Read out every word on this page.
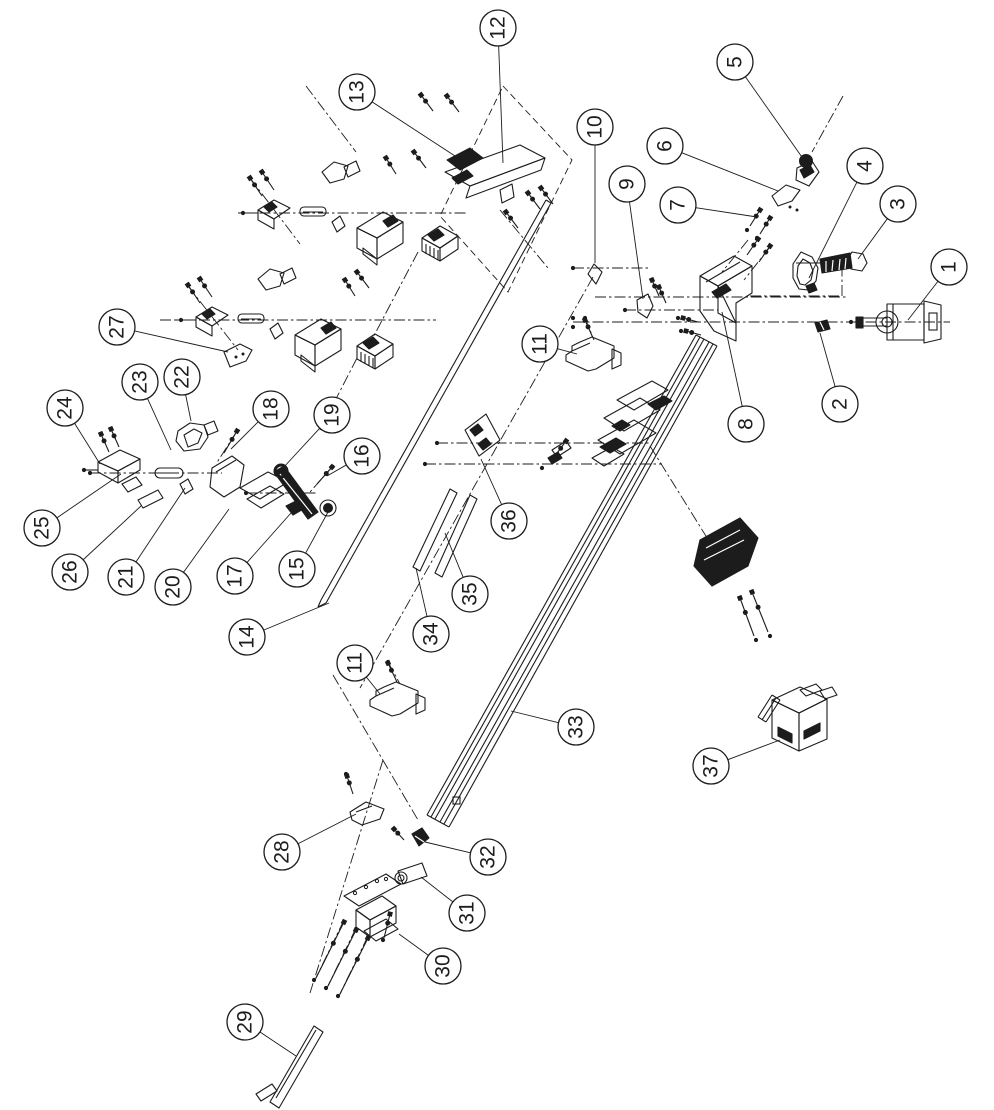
1
2
3
4
5
6
7
8
9
10
11
12
13
27
22
23
24	18 19
16
25
26 21 20 17 15
14
36
35
34
11
33
37
28	32
31
30
29
